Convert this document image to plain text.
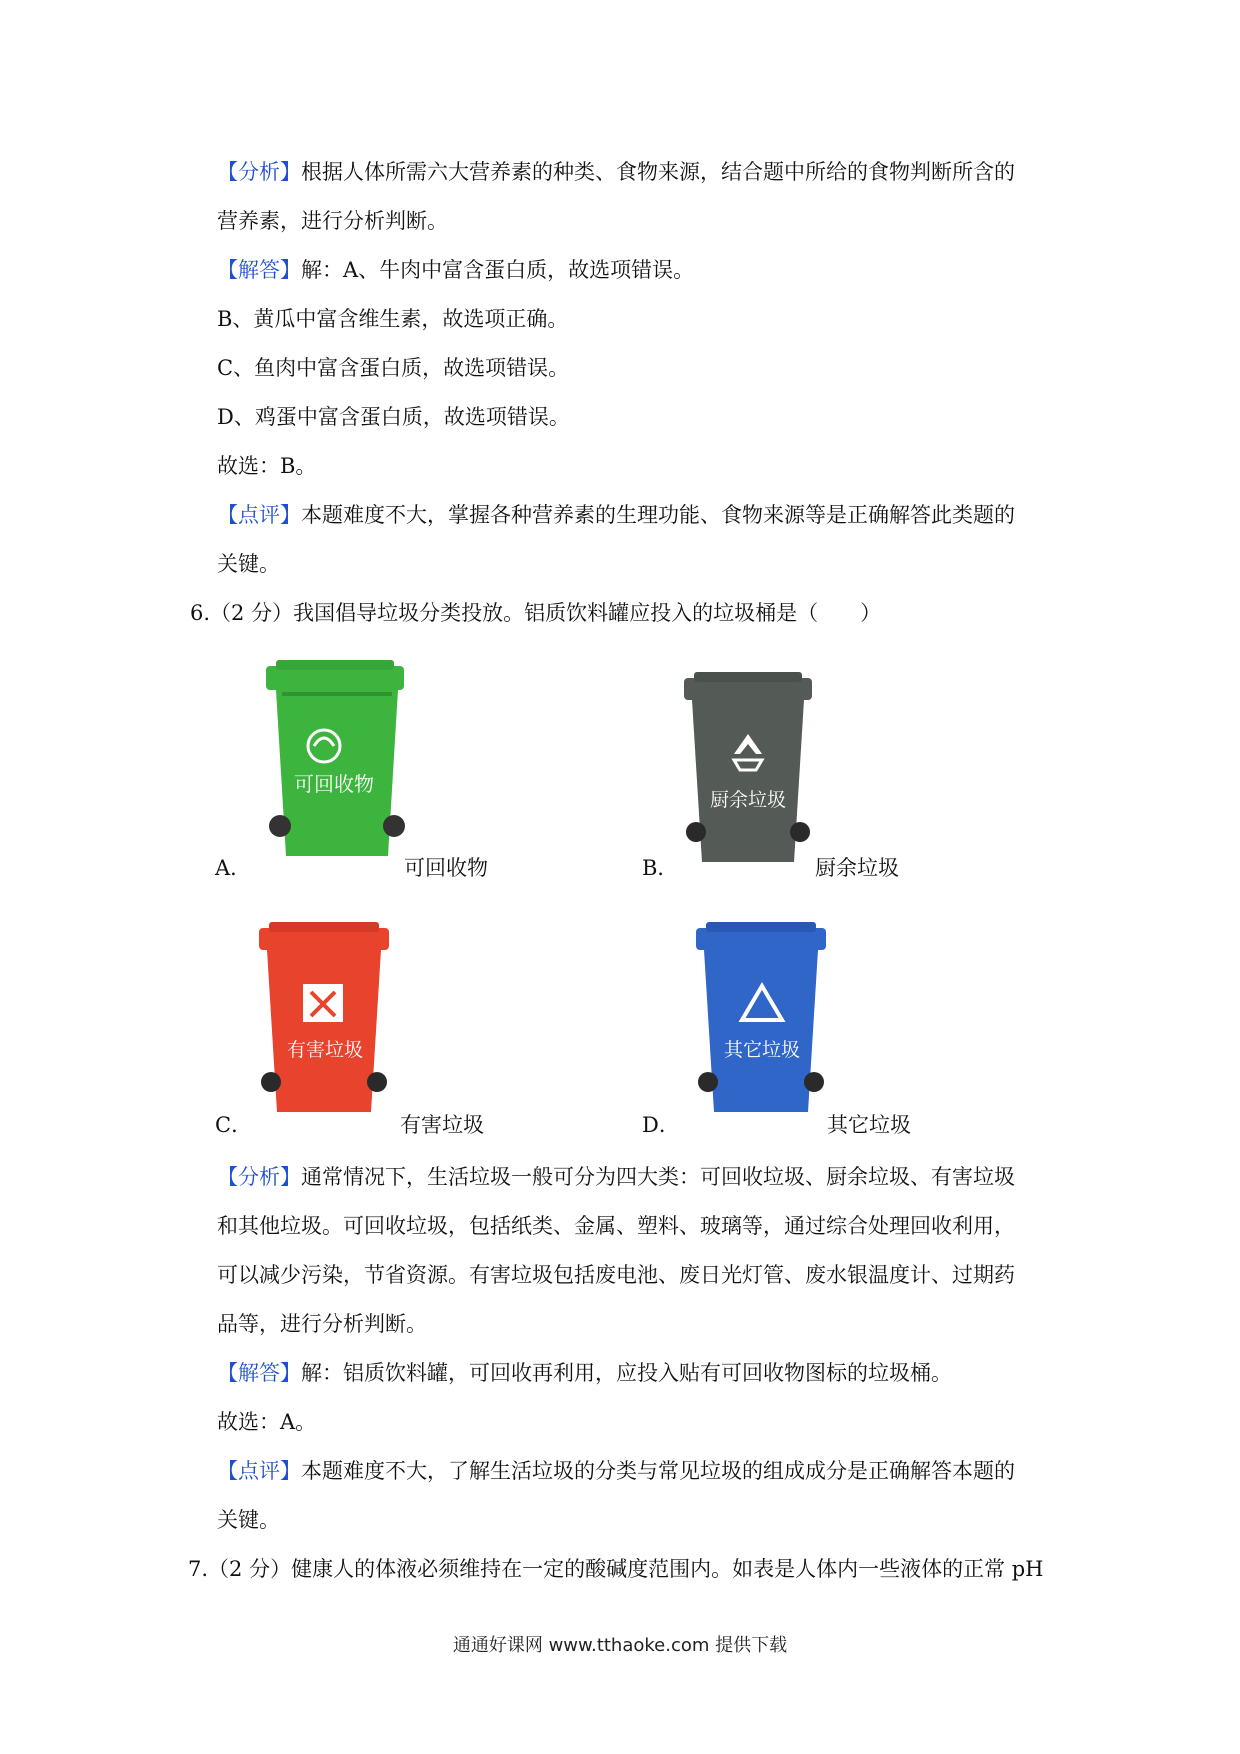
【分析】根据人体所需六大营养素的种类、食物来源，结合题中所给的食物判断所含的
营养素，进行分析判断。
【解答】解：A、牛肉中富含蛋白质，故选项错误。
B、黄瓜中富含维生素，故选项正确。
C、鱼肉中富含蛋白质，故选项错误。
D、鸡蛋中富含蛋白质，故选项错误。
故选：B。
【点评】本题难度不大，掌握各种营养素的生理功能、食物来源等是正确解答此类题的
关键。
6.（2 分）我国倡导垃圾分类投放。铝质饮料罐应投入的垃圾桶是（　　）
可回收物
A．	可回收物
厨余垃圾
B．	厨余垃圾
有害垃圾
C．	有害垃圾
其它垃圾
D．	其它垃圾
【分析】通常情况下，生活垃圾一般可分为四大类：可回收垃圾、厨余垃圾、有害垃圾
和其他垃圾。可回收垃圾，包括纸类、金属、塑料、玻璃等，通过综合处理回收利用，
可以减少污染，节省资源。有害垃圾包括废电池、废日光灯管、废水银温度计、过期药
品等，进行分析判断。
【解答】解：铝质饮料罐，可回收再利用，应投入贴有可回收物图标的垃圾桶。
故选：A。
【点评】本题难度不大，了解生活垃圾的分类与常见垃圾的组成成分是正确解答本题的
关键。
7.（2 分）健康人的体液必须维持在一定的酸碱度范围内。如表是人体内一些液体的正常 pH
通通好课网 www.tthaoke.com 提供下载
